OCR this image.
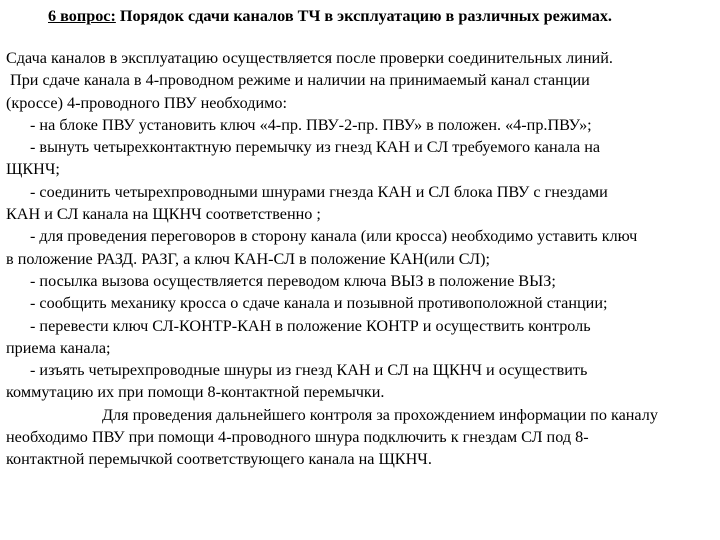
6 вопрос: Порядок сдачи каналов ТЧ в эксплуатацию в различных режимах.
Сдача каналов в эксплуатацию осуществляется после проверки соединительных линий.
При сдаче канала в 4-проводном режиме и наличии на принимаемый канал станции
(кроссе) 4-проводного ПВУ необходимо:
- на блоке ПВУ установить ключ «4-пр. ПВУ-2-пр. ПВУ» в положен. «4-пр.ПВУ»;
- вынуть четырехконтактную перемычку из гнезд КАН и СЛ требуемого канала на
ЩКНЧ;
- соединить четырехпроводными шнурами гнезда КАН и СЛ блока ПВУ с гнездами
КАН и СЛ канала на ЩКНЧ соответственно ;
- для проведения переговоров в сторону канала (или кросса) необходимо уставить ключ
в положение РАЗД. РАЗГ, а ключ КАН-СЛ в положение КАН(или СЛ);
- посылка вызова осуществляется переводом ключа ВЫЗ в положение ВЫЗ;
- сообщить механику кросса о сдаче канала и позывной противоположной станции;
- перевести ключ СЛ-КОНТР-КАН в положение КОНТР и осуществить контроль
приема канала;
- изъять четырехпроводные шнуры из гнезд КАН и СЛ на ЩКНЧ и осуществить
коммутацию их при помощи 8-контактной перемычки.
Для проведения дальнейшего контроля за прохождением информации по каналу
необходимо ПВУ при помощи 4-проводного шнура подключить к гнездам СЛ под 8-
контактной перемычкой соответствующего канала на ЩКНЧ.
